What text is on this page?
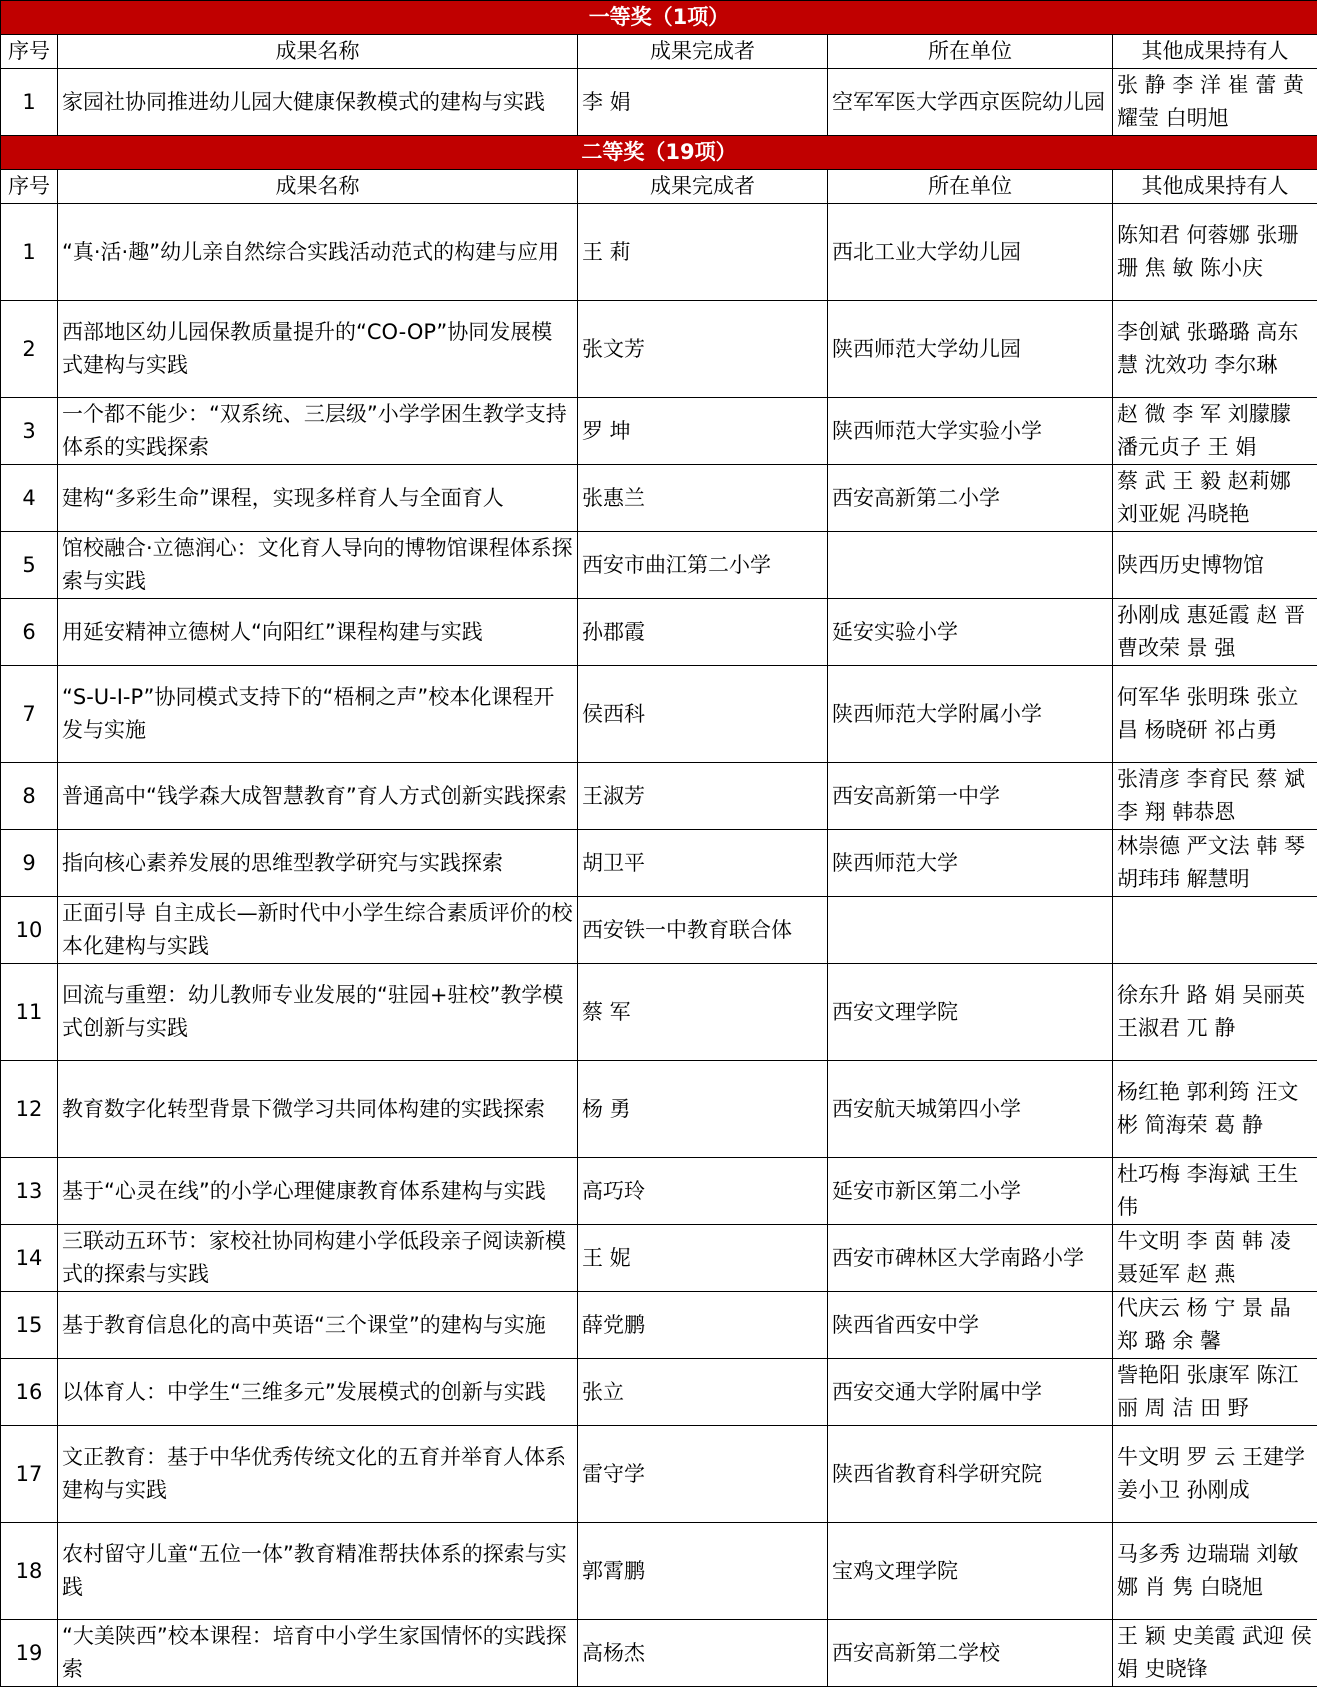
一等奖（1项）				
序号	成果名称	成果完成者	所在单位	其他成果持有人
1	家园社协同推进幼儿园大健康保教模式的建构与实践	李 娟	空军军医大学西京医院幼儿园	张 静 李 洋 崔 蕾 黄耀莹 白明旭
二等奖（19项）				
序号	成果名称	成果完成者	所在单位	其他成果持有人
1	“真·活·趣”幼儿亲自然综合实践活动范式的构建与应用	王 莉	西北工业大学幼儿园	陈知君 何蓉娜 张珊珊 焦 敏 陈小庆
2	西部地区幼儿园保教质量提升的“CO-OP”协同发展模式建构与实践	张文芳	陕西师范大学幼儿园	李创斌 张璐璐 高东慧 沈效功 李尔琳
3	一个都不能少：“双系统、三层级”小学学困生教学支持体系的实践探索	罗 坤	陕西师范大学实验小学	赵 微 李 军 刘朦朦 潘元贞子 王 娟
4	建构“多彩生命”课程，实现多样育人与全面育人	张惠兰	西安高新第二小学	蔡 武 王 毅 赵莉娜 刘亚妮 冯晓艳
5	馆校融合·立德润心：文化育人导向的博物馆课程体系探索与实践	西安市曲江第二小学		陕西历史博物馆
6	用延安精神立德树人“向阳红”课程构建与实践	孙郡霞	延安实验小学	孙刚成 惠延霞 赵 晋 曹改荣 景 强
7	“S-U-I-P”协同模式支持下的“梧桐之声”校本化课程开发与实施	侯西科	陕西师范大学附属小学	何军华 张明珠 张立昌 杨晓研 祁占勇
8	普通高中“钱学森大成智慧教育”育人方式创新实践探索	王淑芳	西安高新第一中学	张清彦 李育民 蔡 斌 李 翔 韩恭恩
9	指向核心素养发展的思维型教学研究与实践探索	胡卫平	陕西师范大学	林崇德 严文法 韩 琴 胡玮玮 解慧明
10	正面引导 自主成长—新时代中小学生综合素质评价的校本化建构与实践	西安铁一中教育联合体		
11	回流与重塑：幼儿教师专业发展的“驻园+驻校”教学模式创新与实践	蔡 军	西安文理学院	徐东升 路 娟 吴丽英 王淑君 兀 静
12	教育数字化转型背景下微学习共同体构建的实践探索	杨 勇	西安航天城第四小学	杨红艳 郭利筠 汪文彬 简海荣 葛 静
13	基于“心灵在线”的小学心理健康教育体系建构与实践	高巧玲	延安市新区第二小学	杜巧梅 李海斌 王生伟
14	三联动五环节：家校社协同构建小学低段亲子阅读新模式的探索与实践	王 妮	西安市碑林区大学南路小学	牛文明 李 茵 韩 凌 聂延军 赵 燕
15	基于教育信息化的高中英语“三个课堂”的建构与实施	薛党鹏	陕西省西安中学	代庆云 杨 宁 景 晶 郑 璐 余 馨
16	以体育人：中学生“三维多元”发展模式的创新与实践	张立	西安交通大学附属中学	訾艳阳 张康军 陈江丽 周 洁 田 野
17	文正教育：基于中华优秀传统文化的五育并举育人体系建构与实践	雷守学	陕西省教育科学研究院	牛文明 罗 云 王建学 姜小卫 孙刚成
18	农村留守儿童“五位一体”教育精准帮扶体系的探索与实践	郭霄鹏	宝鸡文理学院	马多秀 边瑞瑞 刘敏娜 肖 隽 白晓旭
19	“大美陕西”校本课程：培育中小学生家国情怀的实践探索	高杨杰	西安高新第二学校	王 颖 史美霞 武迎 侯 娟 史晓锋
